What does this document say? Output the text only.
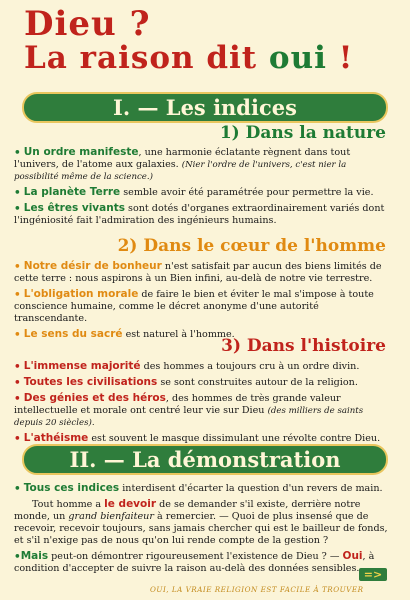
Dieu ?
La raison dit oui !
I. — Les indices
1) Dans la nature
• Un ordre manifeste, une harmonie éclatante règnent dans tout l'univers, de l'atome aux galaxies. (Nier l'ordre de l'univers, c'est nier la possibilité même de la science.)
• La planète Terre semble avoir été paramétrée pour permettre la vie.
• Les êtres vivants sont dotés d'organes extraordinairement variés dont l'ingéniosité fait l'admiration des ingénieurs humains.
2) Dans le cœur de l'homme
• Notre désir de bonheur n'est satisfait par aucun des biens limités de cette terre : nous aspirons à un Bien infini, au-delà de notre vie terrestre.
• L'obligation morale de faire le bien et éviter le mal s'impose à toute conscience humaine, comme le décret anonyme d'une autorité transcendante.
• Le sens du sacré est naturel à l'homme.
3) Dans l'histoire
• L'immense majorité des hommes a toujours cru à un ordre divin.
• Toutes les civilisations se sont construites autour de la religion.
• Des génies et des héros, des hommes de très grande valeur intellectuelle et morale ont centré leur vie sur Dieu (des milliers de saints depuis 20 siècles).
• L'athéisme est souvent le masque dissimulant une révolte contre Dieu.
II. — La démonstration
• Tous ces indices interdisent d'écarter la question d'un revers de main.
Tout homme a le devoir de se demander s'il existe, derrière notre monde, un grand bienfaiteur à remercier. — Quoi de plus insensé que de recevoir, recevoir toujours, sans jamais chercher qui est le bailleur de fonds, et s'il n'exige pas de nous qu'on lui rende compte de la gestion ?
•Mais peut-on démontrer rigoureusement l'existence de Dieu ? — Oui, à condition d'accepter de suivre la raison au-delà des données sensibles. =>
OUI, LA VRAIE RELIGION EST FACILE À TROUVER
